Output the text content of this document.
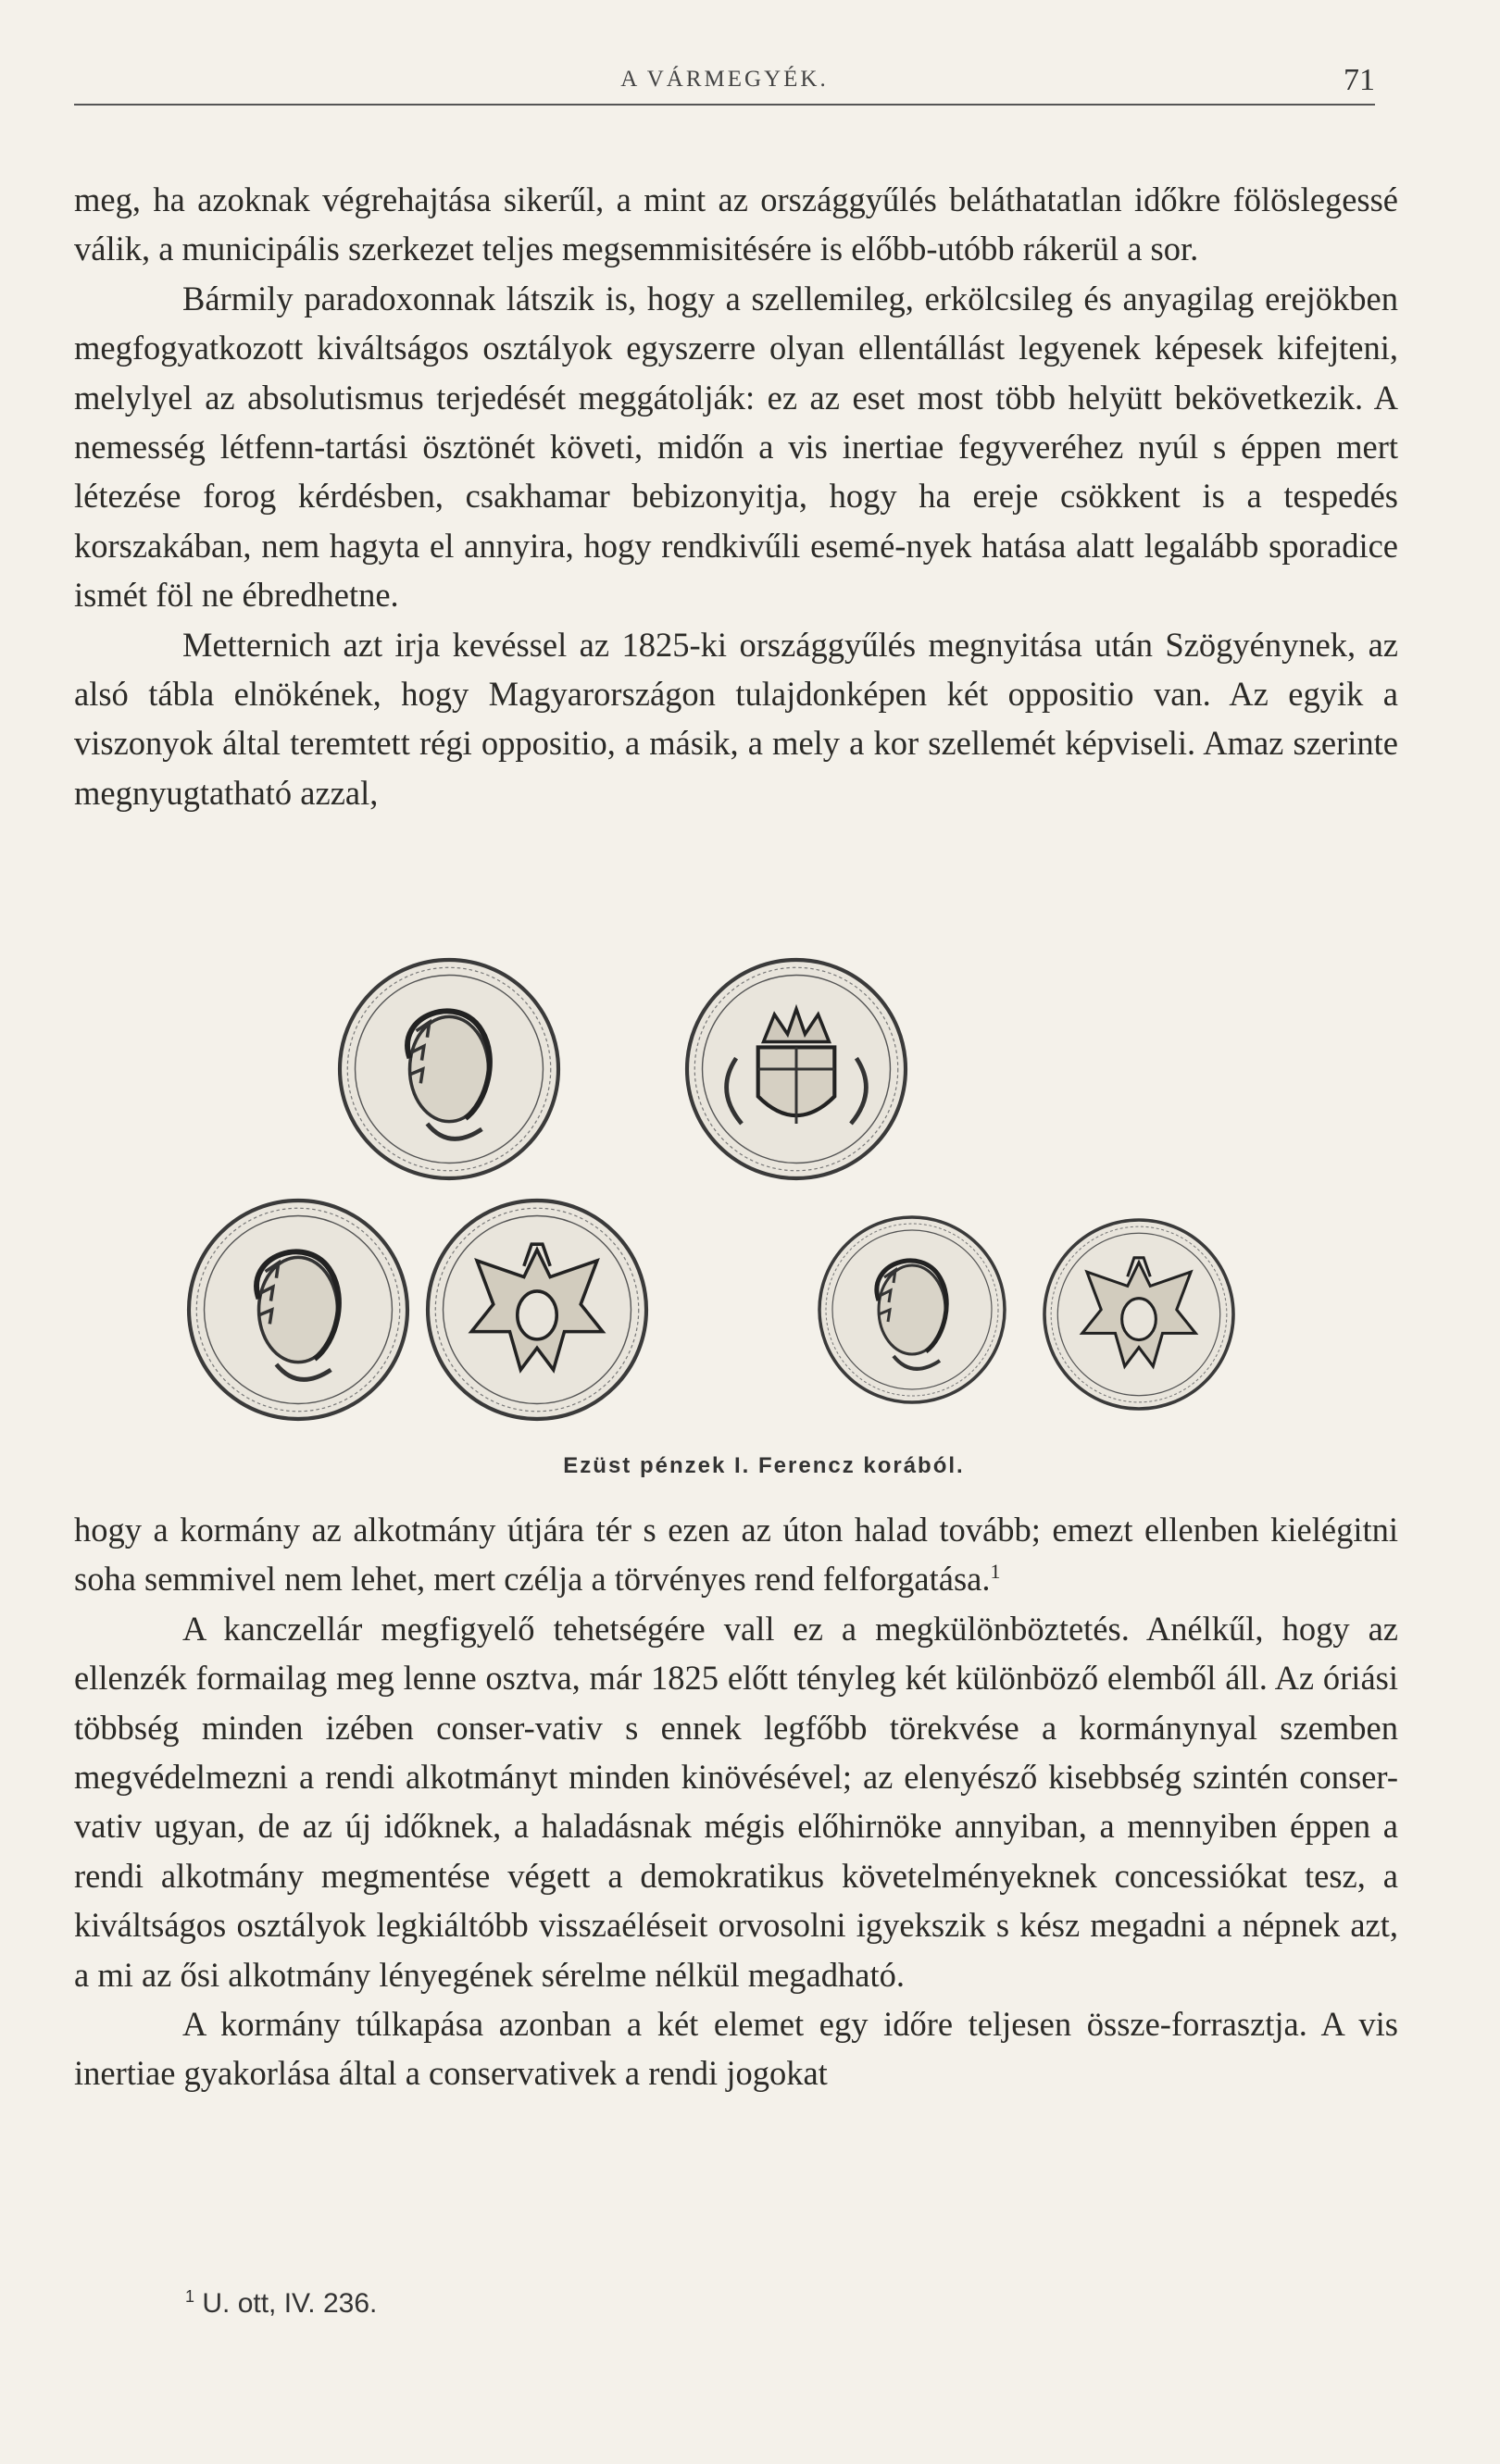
A VÁRMEGYÉK.	71

meg, ha azoknak végrehajtása sikerűl, a mint az országgyűlés beláthatatlan időkre fölöslegessé válik, a municipális szerkezet teljes megsemmisitésére is előbb-utóbb rákerül a sor.

Bármily paradoxonnak látszik is, hogy a szellemileg, erkölcsileg és anyagilag erejökben megfogyatkozott kiváltságos osztályok egyszerre olyan ellentállást legyenek képesek kifejteni, melylyel az absolutismus terjedését meggátolják: ez az eset most több helyütt bekövetkezik. A nemesség létfenn-tartási ösztönét követi, midőn a vis inertiae fegyveréhez nyúl s éppen mert létezése forog kérdésben, csakhamar bebizonyitja, hogy ha ereje csökkent is a tespedés korszakában, nem hagyta el annyira, hogy rendkivűli esemé-nyek hatása alatt legalább sporadice ismét föl ne ébredhetne.

Metternich azt irja kevéssel az 1825-ki országgyűlés megnyitása után Szögyénynek, az alsó tábla elnökének, hogy Magyarországon tulajdonképen két oppositio van. Az egyik a viszonyok által teremtett régi oppositio, a másik, a mely a kor szellemét képviseli. Amaz szerinte megnyugtatható azzal,

Ezüst pénzek I. Ferencz korából.

hogy a kormány az alkotmány útjára tér s ezen az úton halad tovább; emezt ellenben kielégitni soha semmivel nem lehet, mert czélja a törvényes rend felforgatása.$^1$

A kanczellár megfigyelő tehetségére vall ez a megkülönböztetés. Anélkűl, hogy az ellenzék formailag meg lenne osztva, már 1825 előtt tényleg két különböző elemből áll. Az óriási többség minden izében conser-vativ s ennek legfőbb törekvése a kormánynyal szemben megvédelmezni a rendi alkotmányt minden kinövésével; az elenyésző kisebbség szintén conser-vativ ugyan, de az új időknek, a haladásnak mégis előhirnöke annyiban, a mennyiben éppen a rendi alkotmány megmentése végett a demokratikus követelményeknek concessiókat tesz, a kiváltságos osztályok legkiáltóbb visszaéléseit orvosolni igyekszik s kész megadni a népnek azt, a mi az ősi alkotmány lényegének sérelme nélkül megadható.

A kormány túlkapása azonban a két elemet egy időre teljesen össze-forrasztja. A vis inertiae gyakorlása által a conservativek a rendi jogokat

$^1$ U. ott, IV. 236.
